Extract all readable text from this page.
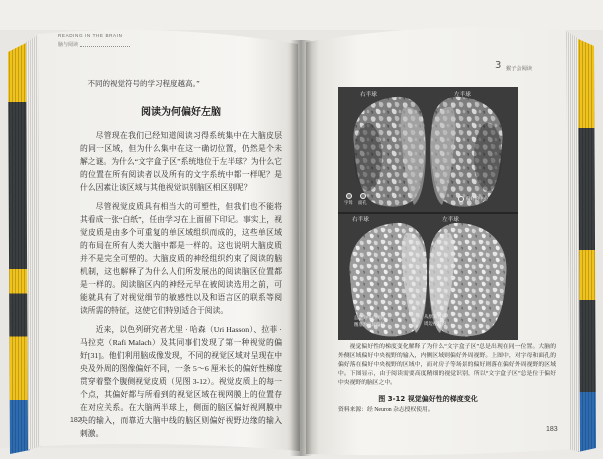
READING IN THE BRAIN

脑与阅读

不同的视觉符号的学习程度越高。”

阅读为何偏好左脑

尽管现在我们已经知道阅读习得系统集中在大脑皮层的同一区域，但为什么集中在这一确切位置，仍然是个未解之谜。为什么“文字盒子区”系统地位于左半球？为什么它的位置在所有阅读者以及所有的文字系统中都一样呢？是什么因素让该区域与其他视觉识别脑区相区别呢？

尽管视觉皮质具有相当大的可塑性，但我们也不能将其看成一张“白纸”，任由学习在上面留下印记。事实上，视觉皮质是由多个可重复的单区域组织而成的，这些单区域的布局在所有人类大脑中都是一样的。这也说明大脑皮质并不是完全可塑的。大脑皮质的神经组织约束了阅读的脑机制，这也解释了为什么人们所发展出的阅读脑区位置都是一样的。阅读脑区内的神经元早在被阅读选用之前，可能就具有了对视觉细节的敏感性以及和语言区的联系等阅读所需的特征，这使它们特别适合于阅读。

近来，以色列研究者尤里 · 哈森（Uri Hasson）、拉菲 · 马拉克（Rafi Malach）及其同事们发现了第一种视觉的偏好[31]。他们利用脑成像发现，不同的视觉区域对呈现在中央及外周的图像偏好不同，一条 5～6 厘米长的偏好性梯度贯穿着整个腹侧视觉皮质（见图 3-12）。视觉皮质上的每一个点，其偏好都与所看到的视觉区域在视网膜上的位置存在对应关系。在大脑两半球上，侧面的脑区偏好视网膜中央的输入，而靠近大脑中线的脑区则偏好视野边缘的输入刺激。

182

3 猴子会阅读

右半球	左半球

字母 面孔

偏好的中心

右半球	左半球

总是为中心视野

精准为字母偏好

从原来看到

周边视野的

视觉偏好性的梯度变化解释了为什么“文字盒子区”总是出现在同一位置。大脑的外侧区域偏好中央视野的输入，内侧区域则偏好外周视野。上图中，对字母和面孔的偏好落在偏好中央视野的区域中，而对房子等场景的偏好则落在偏好外周视野的区域中。下图显示，由于阅读需要高度精细的视觉识别，所以“文字盒子区”总是位于偏好中央视野的脑区之中。

图 3-12 视觉偏好性的梯度变化

资料来源：经 Neuron 杂志授权使用。

183
